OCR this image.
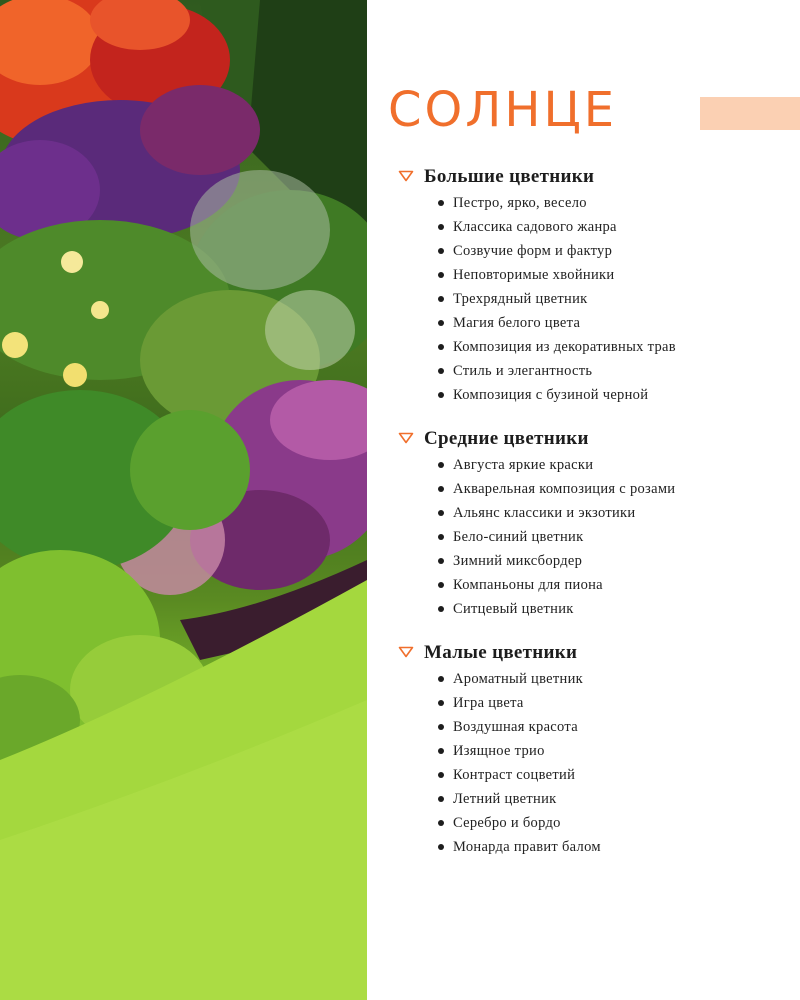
СОЛНЦЕ
Большие цветники
Пестро, ярко, весело
Классика садового жанра
Созвучие форм и фактур
Неповторимые хвойники
Трехрядный цветник
Магия белого цвета
Композиция из декоративных трав
Стиль и элегантность
Композиция с бузиной черной
Средние цветники
Августа яркие краски
Акварельная композиция с розами
Альянс классики и экзотики
Бело-синий цветник
Зимний миксбордер
Компаньоны для пиона
Ситцевый цветник
Малые цветники
Ароматный цветник
Игра цвета
Воздушная красота
Изящное трио
Контраст соцветий
Летний цветник
Серебро и бордо
Монарда правит балом
